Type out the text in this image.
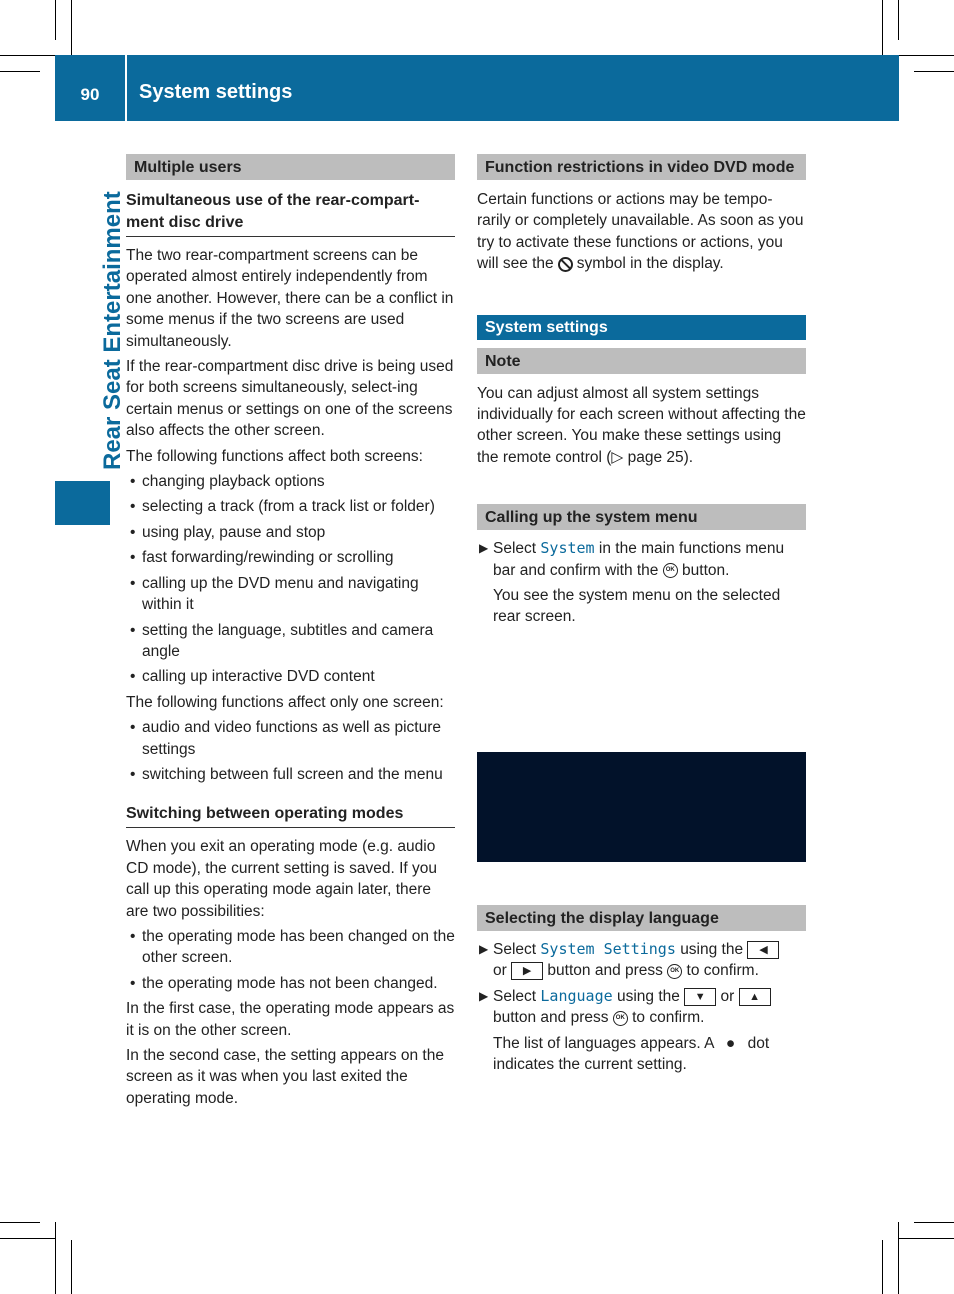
90	System settings
Rear Seat Entertainment
Multiple users
Simultaneous use of the rear-compart-ment disc drive

The two rear-compartment screens can be operated almost entirely independently from one another. However, there can be a conflict in some menus if the two screens are used simultaneously.

If the rear-compartment disc drive is being used for both screens simultaneously, select-ing certain menus or settings on one of the screens also affects the other screen.

The following functions affect both screens:

• changing playback options
• selecting a track (from a track list or folder)
• using play, pause and stop
• fast forwarding/rewinding or scrolling
• calling up the DVD menu and navigating within it
• setting the language, subtitles and camera angle
• calling up interactive DVD content

The following functions affect only one screen:

• audio and video functions as well as picture settings
• switching between full screen and the menu
Switching between operating modes

When you exit an operating mode (e.g. audio CD mode), the current setting is saved. If you call up this operating mode again later, there are two possibilities:

• the operating mode has been changed on the other screen.
• the operating mode has not been changed.

In the first case, the operating mode appears as it is on the other screen.

In the second case, the setting appears on the screen as it was when you last exited the operating mode.

Function restrictions in video DVD mode

Certain functions or actions may be tempo-rarily or completely unavailable. As soon as you try to activate these functions or actions, you will see the symbol in the display.

System settings
Note

You can adjust almost all system settings individually for each screen without affecting the other screen. You make these settings using the remote control (▷ page 25).

Calling up the system menu

▶ Select System in the main functions menu bar and confirm with the OK button.

You see the system menu on the selected rear screen.

Selecting the display language

▶ Select System Settings using the ◀
or ▶ button and press OK to confirm.

▶ Select Language using the ▼ or ▲
button and press OK to confirm.

The list of languages appears. A ● dot indicates the current setting.
